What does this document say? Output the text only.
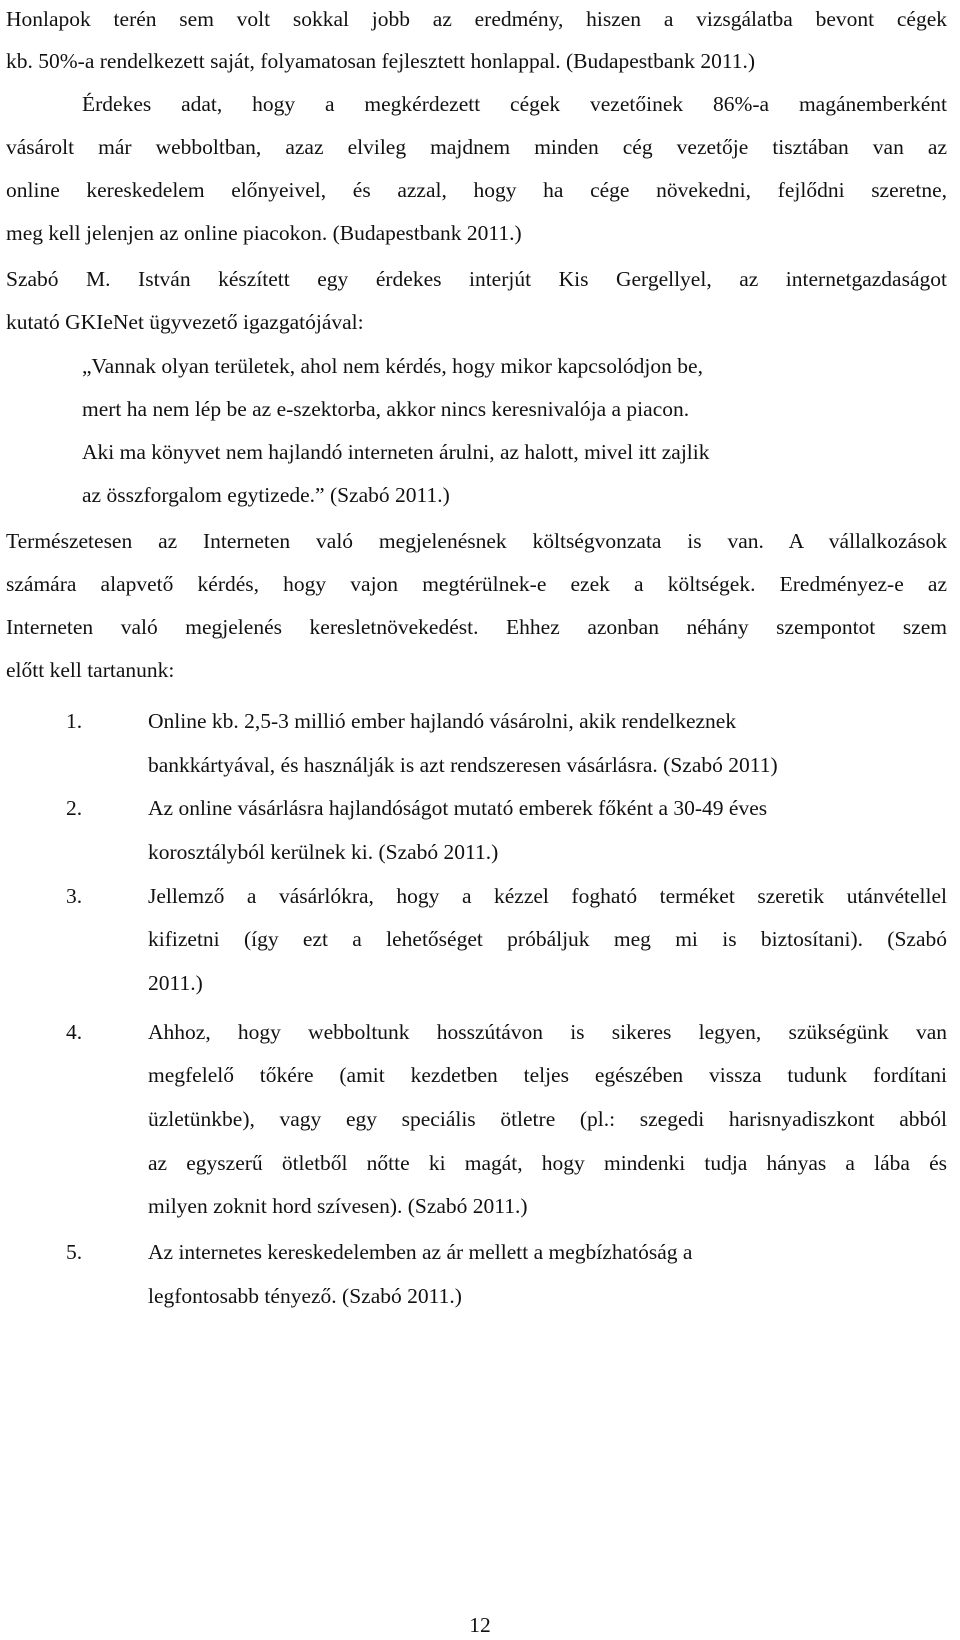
Honlapok terén sem volt sokkal jobb az eredmény, hiszen a vizsgálatba bevont cégek
kb. 50%-a rendelkezett saját, folyamatosan fejlesztett honlappal. (Budapestbank 2011.)
Érdekes adat, hogy a megkérdezett cégek vezetőinek 86%-a magánemberként
vásárolt már webboltban, azaz elvileg majdnem minden cég vezetője tisztában van az
online kereskedelem előnyeivel, és azzal, hogy ha cége növekedni, fejlődni szeretne,
meg kell jelenjen az online piacokon. (Budapestbank 2011.)
Szabó M. István készített egy érdekes interjút Kis Gergellyel, az internetgazdaságot
kutató GKIeNet ügyvezető igazgatójával:
„Vannak olyan területek, ahol nem kérdés, hogy mikor kapcsolódjon be,
mert ha nem lép be az e-szektorba, akkor nincs keresnivalója a piacon.
Aki ma könyvet nem hajlandó interneten árulni, az halott, mivel itt zajlik
az összforgalom egytizede.” (Szabó 2011.)
Természetesen az Interneten való megjelenésnek költségvonzata is van. A vállalkozások
számára alapvető kérdés, hogy vajon megtérülnek-e ezek a költségek. Eredményez-e az
Interneten való megjelenés keresletnövekedést. Ehhez azonban néhány szempontot szem
előtt kell tartanunk:
1.	Online kb. 2,5-3 millió ember hajlandó vásárolni, akik rendelkeznek
bankkártyával, és használják is azt rendszeresen vásárlásra. (Szabó 2011)
2.	Az online vásárlásra hajlandóságot mutató emberek főként a 30-49 éves
korosztályból kerülnek ki. (Szabó 2011.)
3.	Jellemző a vásárlókra, hogy a kézzel fogható terméket szeretik utánvétellel
kifizetni (így ezt a lehetőséget próbáljuk meg mi is biztosítani). (Szabó
2011.)
4.	Ahhoz, hogy webboltunk hosszútávon is sikeres legyen, szükségünk van
megfelelő tőkére (amit kezdetben teljes egészében vissza tudunk fordítani
üzletünkbe), vagy egy speciális ötletre (pl.: szegedi harisnyadiszkont abból
az egyszerű ötletből nőtte ki magát, hogy mindenki tudja hányas a lába és
milyen zoknit hord szívesen). (Szabó 2011.)
5.	Az internetes kereskedelemben az ár mellett a megbízhatóság a
legfontosabb tényező. (Szabó 2011.)
12
